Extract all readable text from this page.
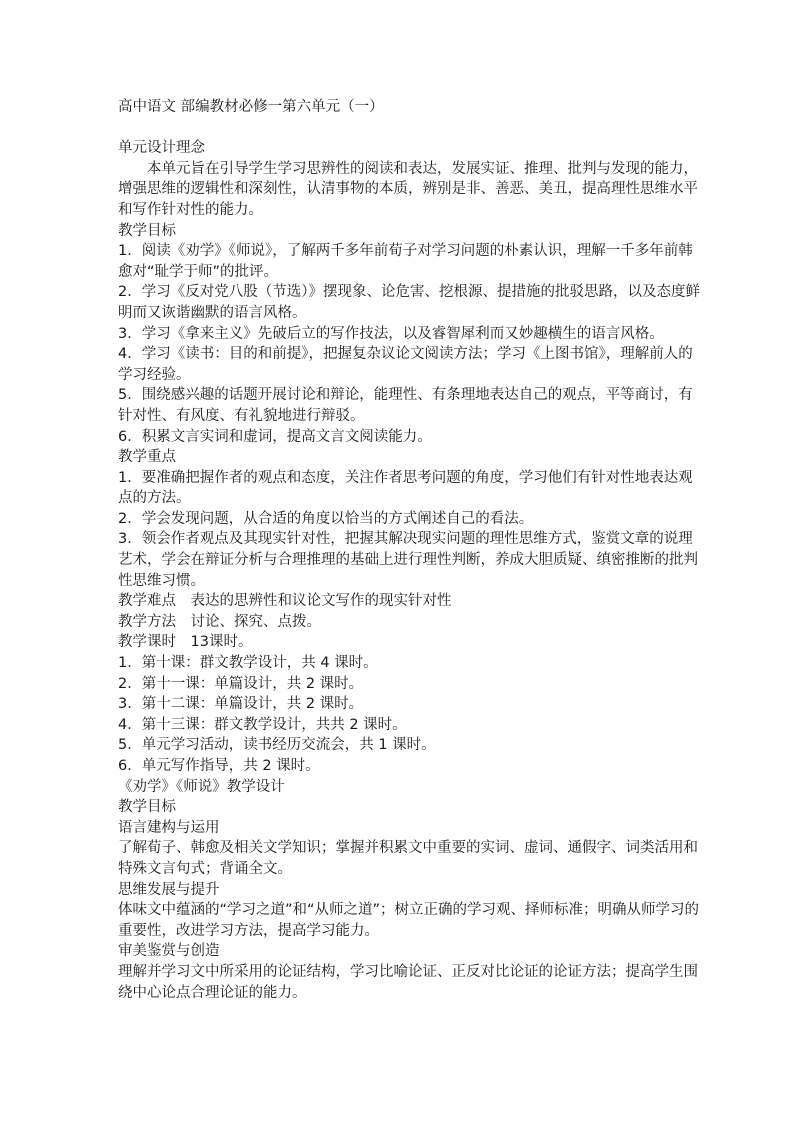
高中语文 部编教材必修一第六单元（一）

单元设计理念

本单元旨在引导学生学习思辨性的阅读和表达，发展实证、推理、批判与发现的能力，

增强思维的逻辑性和深刻性，认清事物的本质，辨别是非、善恶、美丑，提高理性思维水平

和写作针对性的能力。

教学目标

1．阅读《劝学》《师说》，了解两千多年前荀子对学习问题的朴素认识，理解一千多年前韩

愈对“耻学于师”的批评。

2．学习《反对党八股（节选）》摆现象、论危害、挖根源、提措施的批驳思路，以及态度鲜

明而又诙谐幽默的语言风格。

3．学习《拿来主义》先破后立的写作技法，以及睿智犀利而又妙趣横生的语言风格。

4．学习《读书：目的和前提》，把握复杂议论文阅读方法；学习《上图书馆》，理解前人的

学习经验。

5．围绕感兴趣的话题开展讨论和辩论，能理性、有条理地表达自己的观点，平等商讨，有

针对性、有风度、有礼貌地进行辩驳。

6．积累文言实词和虚词，提高文言文阅读能力。

教学重点

1．要准确把握作者的观点和态度，关注作者思考问题的角度，学习他们有针对性地表达观

点的方法。

2．学会发现问题，从合适的角度以恰当的方式阐述自己的看法。

3．领会作者观点及其现实针对性，把握其解决现实问题的理性思维方式，鉴赏文章的说理

艺术，学会在辩证分析与合理推理的基础上进行理性判断，养成大胆质疑、缜密推断的批判

性思维习惯。

教学难点　表达的思辨性和议论文写作的现实针对性

教学方法　讨论、探究、点拨。

教学课时　13课时。

1．第十课：群文教学设计，共 4 课时。

2．第十一课：单篇设计，共 2 课时。

3．第十二课：单篇设计，共 2 课时。

4．第十三课：群文教学设计，共共 2 课时。

5．单元学习活动，读书经历交流会，共 1 课时。

6．单元写作指导，共 2 课时。

《劝学》《师说》教学设计

教学目标

语言建构与运用

了解荀子、韩愈及相关文学知识；掌握并积累文中重要的实词、虚词、通假字、词类活用和

特殊文言句式；背诵全文。

思维发展与提升

体味文中蕴涵的“学习之道”和“从师之道”；树立正确的学习观、择师标准；明确从师学习的

重要性，改进学习方法，提高学习能力。

审美鉴赏与创造

理解并学习文中所采用的论证结构，学习比喻论证、正反对比论证的论证方法；提高学生围

绕中心论点合理论证的能力。
